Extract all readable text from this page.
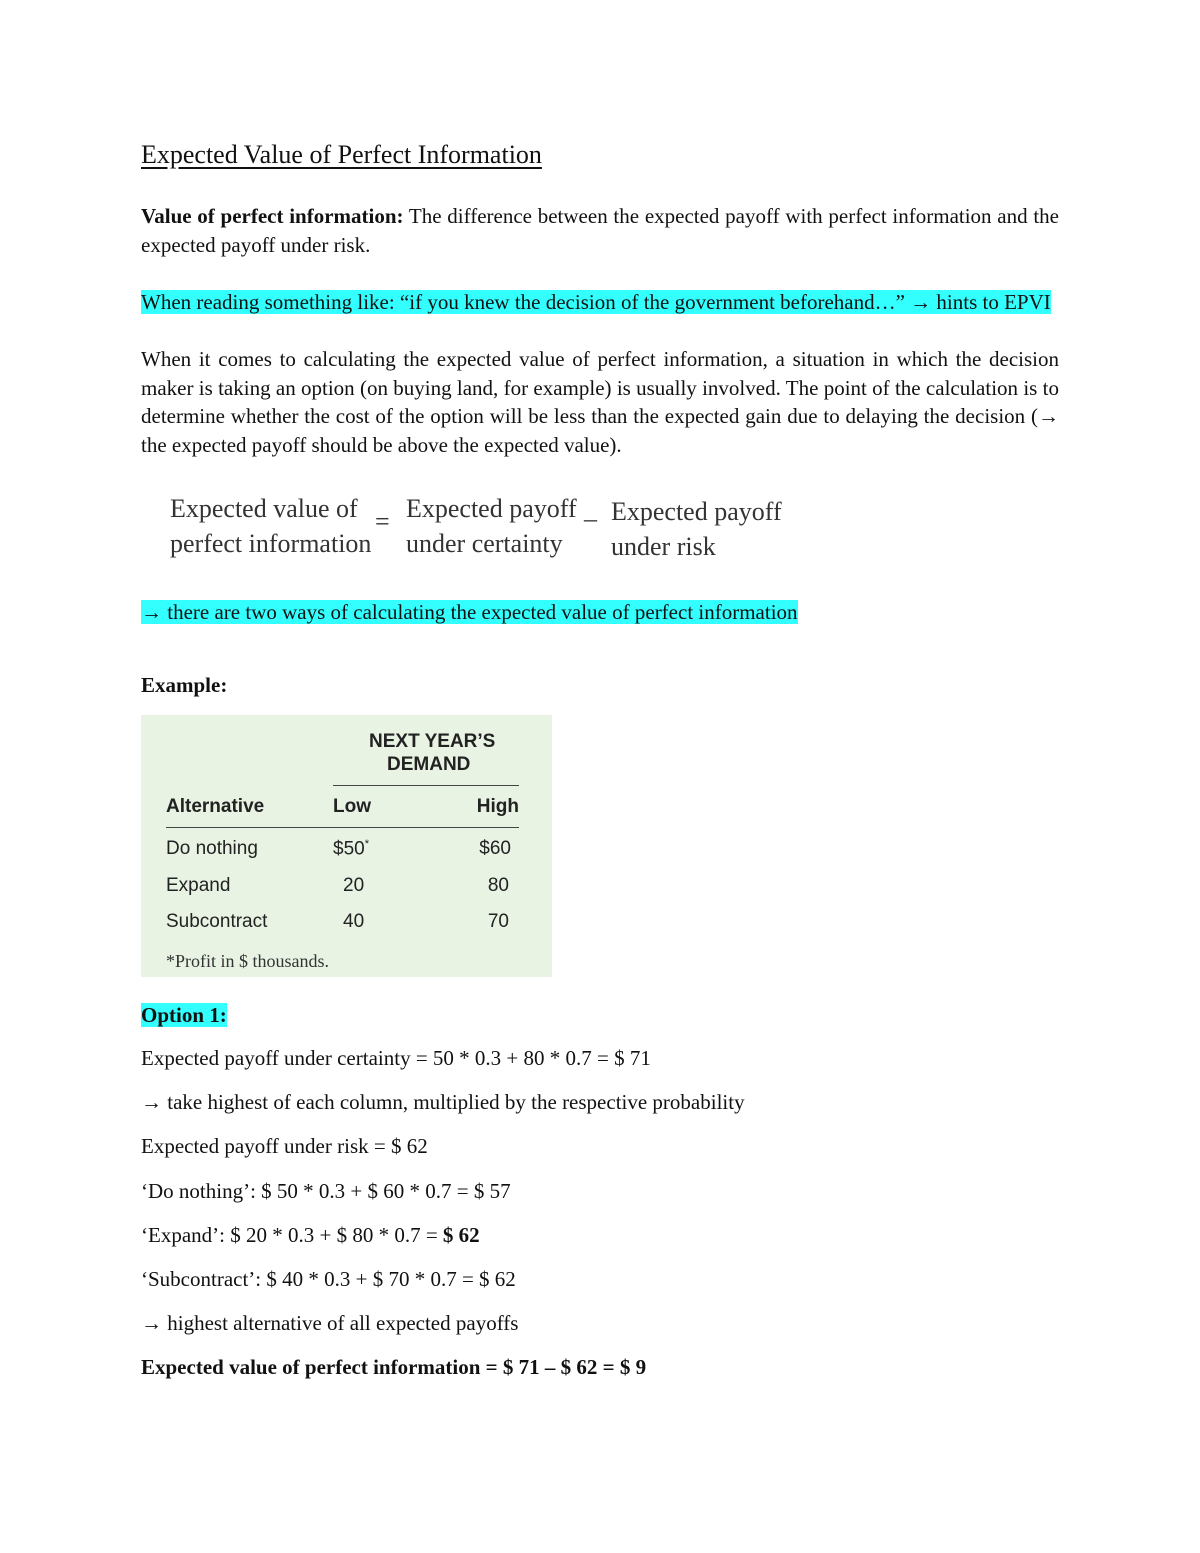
Expected Value of Perfect Information
Value of perfect information: The difference between the expected payoff with perfect information and the expected payoff under risk.
When reading something like: “if you knew the decision of the government beforehand…” → hints to EPVI
When it comes to calculating the expected value of perfect information, a situation in which the decision maker is taking an option (on buying land, for example) is usually involved. The point of the calculation is to determine whether the cost of the option will be less than the expected gain due to delaying the decision (→ the expected payoff should be above the expected value).
Expected value of
perfect information
= Expected payoff
under certainty
– Expected payoff
under risk
→ there are two ways of calculating the expected value of perfect information
Example:
NEXT YEAR’S
DEMAND
Alternative	Low	High
Do nothing	$50*	$60
Expand	20	80
Subcontract	40	70
*Profit in $ thousands.
Option 1:
Expected payoff under certainty = 50 * 0.3 + 80 * 0.7 = $ 71
→ take highest of each column, multiplied by the respective probability
Expected payoff under risk = $ 62
‘Do nothing’: $ 50 * 0.3 + $ 60 * 0.7 = $ 57
‘Expand’: $ 20 * 0.3 + $ 80 * 0.7 = $ 62
‘Subcontract’: $ 40 * 0.3 + $ 70 * 0.7 = $ 62
→ highest alternative of all expected payoffs
Expected value of perfect information = $ 71 – $ 62 = $ 9
